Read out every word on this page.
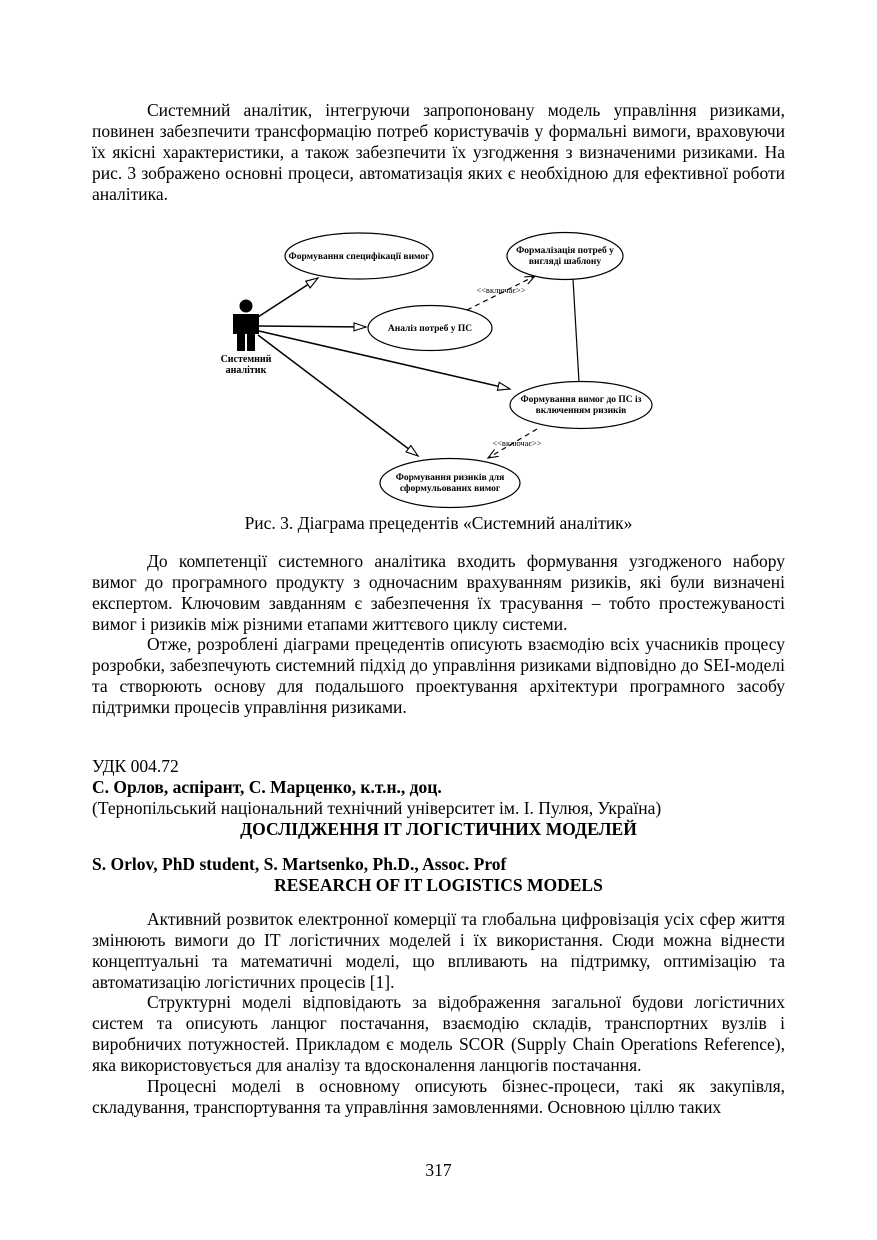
Системний аналітик, інтегруючи запропоновану модель управління ризиками, повинен забезпечити трансформацію потреб користувачів у формальні вимоги, враховуючи їх якісні характеристики, а також забезпечити їх узгодження з визначеними ризиками. На рис. 3 зображено основні процеси, автоматизація яких є необхідною для ефективної роботи аналітика.

Системний
аналітик
<<включає>>
<<включає>>
Формування специфікації вимог
Формалізація потреб у
вигляді шаблону
Аналіз потреб у ПС
Формування вимог до ПС із
включенням ризиків
Формування ризиків для
сформульованих вимог
Рис. 3. Діаграма прецедентів «Системний аналітик»

До компетенції системного аналітика входить формування узгодженого набору вимог до програмного продукту з одночасним врахуванням ризиків, які були визначені експертом. Ключовим завданням є забезпечення їх трасування – тобто простежуваності вимог і ризиків між різними етапами життєвого циклу системи.

Отже, розроблені діаграми прецедентів описують взаємодію всіх учасників процесу розробки, забезпечують системний підхід до управління ризиками відповідно до SEI-моделі та створюють основу для подальшого проектування архітектури програмного засобу підтримки процесів управління ризиками.

УДК 004.72
С. Орлов, аспірант, С. Марценко, к.т.н., доц.
(Тернопільський національний технічний університет ім. І. Пулюя, Україна)
ДОСЛІДЖЕННЯ ІТ ЛОГІСТИЧНИХ МОДЕЛЕЙ
S. Orlov, PhD student, S. Martsenko, Ph.D., Assoc. Prof
RESEARCH OF IT LOGISTICS MODELS

Активний розвиток електронної комерції та глобальна цифровізація усіх сфер життя змінюють вимоги до ІТ логістичних моделей і їх використання. Сюди можна віднести концептуальні та математичні моделі, що впливають на підтримку, оптимізацію та автоматизацію логістичних процесів [1].

Структурні моделі відповідають за відображення загальної будови логістичних систем та описують ланцюг постачання, взаємодію складів, транспортних вузлів і виробничих потужностей. Прикладом є модель SCOR (Supply Chain Operations Reference), яка використовується для аналізу та вдосконалення ланцюгів постачання.

Процесні моделі в основному описують бізнес-процеси, такі як закупівля, складування, транспортування та управління замовленнями. Основною ціллю таких

317
